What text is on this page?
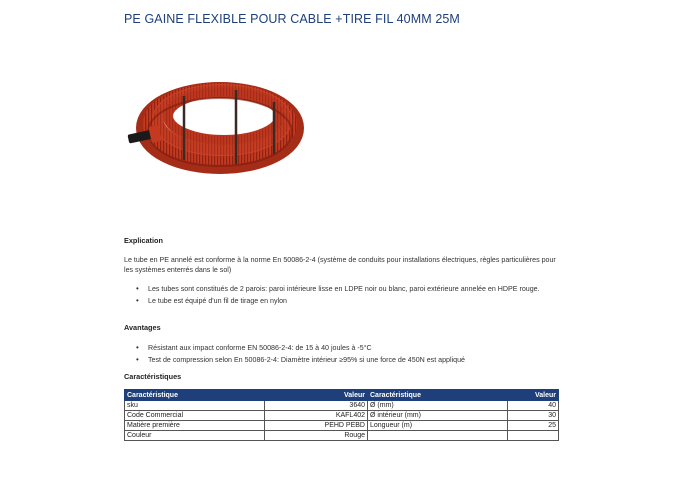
PE GAINE FLEXIBLE POUR CABLE +TIRE FIL 40MM 25M
Explication
Le tube en PE annelé est conforme à la norme En 50086-2-4 (système de conduits pour installations électriques, règles particulières pour les systèmes enterrés dans le sol)
• Les tubes sont constitués de 2 parois: paroi intérieure lisse en LDPE noir ou blanc, paroi extérieure annelée en HDPE rouge.
• Le tube est équipé d'un fil de tirage en nylon
Avantages
• Résistant aux impact conforme EN 50086-2-4: de 15 à 40 joules à -5°C
• Test de compression selon En 50086-2-4: Diamètre intérieur ≥95% si une force de 450N est appliqué
Caractéristiques
Caractéristique	Valeur	Caractéristique	Valeur
sku	3640	Ø (mm)	40
Code Commercial	KAFL402	Ø intérieur (mm)	30
Matière première	PEHD PEBD	Longueur (m)	25
Couleur	Rouge		
